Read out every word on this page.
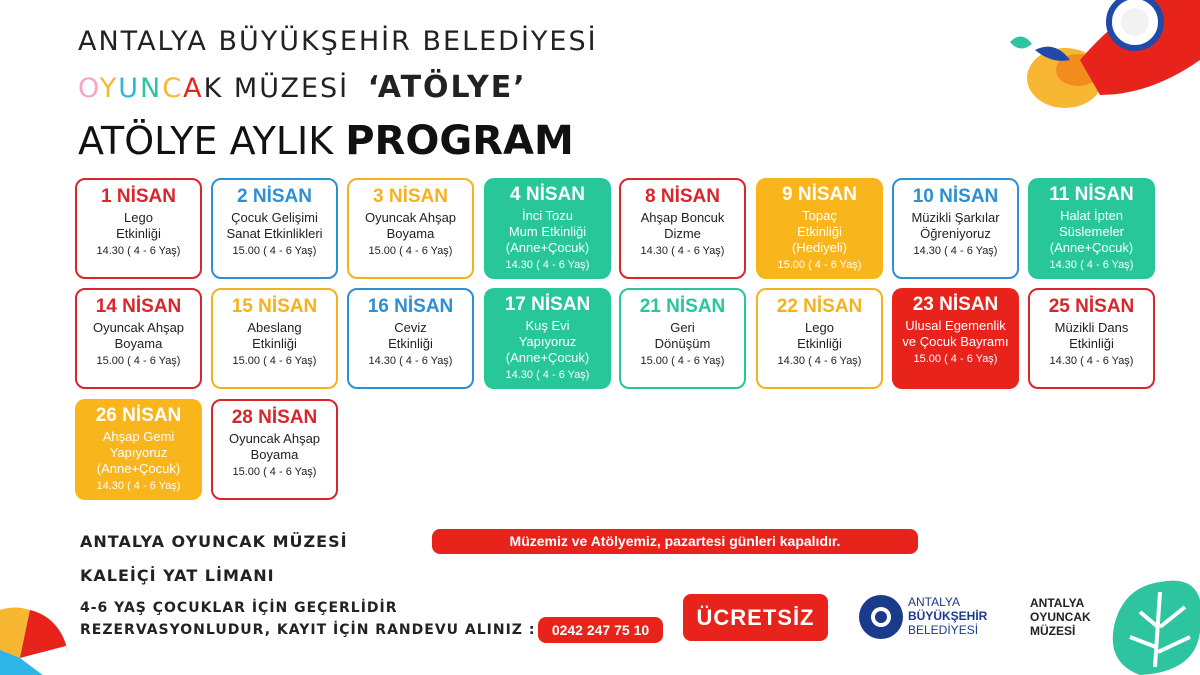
ANTALYA BÜYÜKŞEHİR BELEDİYESİ
OYUNCAK MÜZESİ ‘ATÖLYE’
ATÖLYE AYLIK PROGRAM
1 NİSAN
Lego
Etkinliği
14.30 ( 4 - 6 Yaş)
2 NİSAN
Çocuk Gelişimi
Sanat Etkinlikleri
15.00 ( 4 - 6 Yaş)
3 NİSAN
Oyuncak Ahşap
Boyama
15.00 ( 4 - 6 Yaş)
4 NİSAN
İnci Tozu
Mum Etkinliği
(Anne+Çocuk)
14.30 ( 4 - 6 Yaş)
8 NİSAN
Ahşap Boncuk
Dizme
14.30 ( 4 - 6 Yaş)
9 NİSAN
Topaç
Etkinliği
(Hediyeli)
15.00 ( 4 - 6 Yaş)
10 NİSAN
Müzikli Şarkılar
Öğreniyoruz
14.30 ( 4 - 6 Yaş)
11 NİSAN
Halat İpten
Süslemeler
(Anne+Çocuk)
14.30 ( 4 - 6 Yaş)
14 NİSAN
Oyuncak Ahşap
Boyama
15.00 ( 4 - 6 Yaş)
15 NİSAN
Abeslang
Etkinliği
15.00 ( 4 - 6 Yaş)
16 NİSAN
Ceviz
Etkinliği
14.30 ( 4 - 6 Yaş)
17 NİSAN
Kuş Evi
Yapıyoruz
(Anne+Çocuk)
14.30 ( 4 - 6 Yaş)
21 NİSAN
Geri
Dönüşüm
15.00 ( 4 - 6 Yaş)
22 NİSAN
Lego
Etkinliği
14.30 ( 4 - 6 Yaş)
23 NİSAN
Ulusal Egemenlik
ve Çocuk Bayramı
15.00 ( 4 - 6 Yaş)
25 NİSAN
Müzikli Dans
Etkinliği
14.30 ( 4 - 6 Yaş)
26 NİSAN
Ahşap Gemi
Yapıyoruz
(Anne+Çocuk)
14.30 ( 4 - 6 Yaş)
28 NİSAN
Oyuncak Ahşap
Boyama
15.00 ( 4 - 6 Yaş)
ANTALYA OYUNCAK MÜZESİ
KALEİÇİ YAT LİMANI
4-6 YAŞ ÇOCUKLAR İÇİN GEÇERLİDİR
REZERVASYONLUDUR, KAYIT İÇİN RANDEVU ALINIZ :	0242 247 75 10
Müzemiz ve Atölyemiz, pazartesi günleri kapalıdır.
ÜCRETSİZ
ANTALYA
BÜYÜKŞEHİR
BELEDİYESİ
ANTALYA
OYUNCAK
MÜZESİ
